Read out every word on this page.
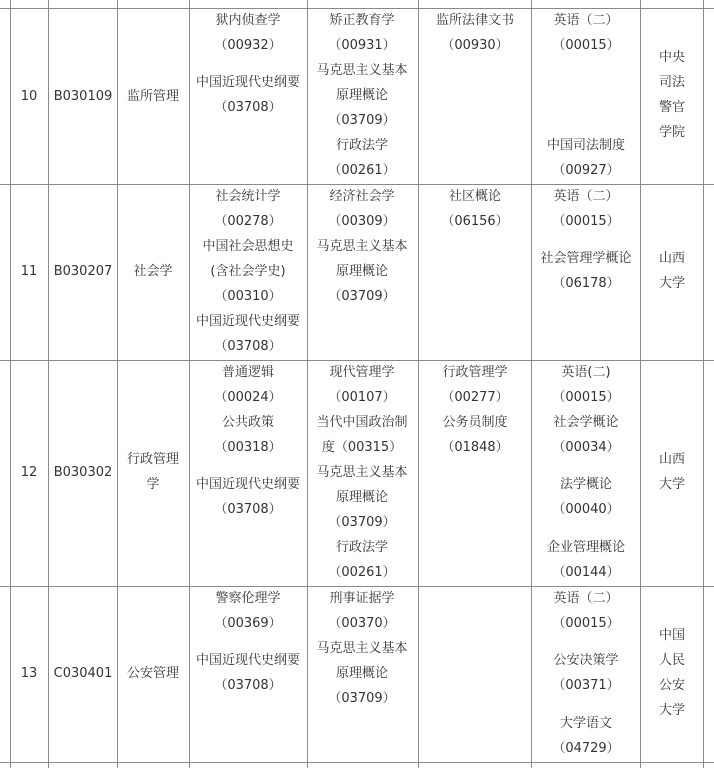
10 B030109 监所管理
狱内侦查学
（00932）
中国近现代史纲要
（03708）
矫正教育学
（00931）
马克思主义基本
原理概论
（03709）
行政法学
（00261）
监所法律文书
（00930）
英语（二）
（00015）
中国司法制度
（00927）
中央
司法
警官
学院
11 B030207 社会学
社会统计学
（00278）
中国社会思想史
(含社会学史)
（00310）
中国近现代史纲要
（03708）
经济社会学
（00309）
马克思主义基本
原理概论
（03709）
社区概论
（06156）
英语（二）
（00015）
社会管理学概论
（06178）
山西
大学
12 B030302
行政管理
学
普通逻辑
（00024）
公共政策
（00318）
中国近现代史纲要
（03708）
现代管理学
（00107）
当代中国政治制
度（00315）
马克思主义基本
原理概论
（03709）
行政法学
（00261）
行政管理学
（00277）
公务员制度
（01848）
英语(二)
（00015）
社会学概论
（00034）
法学概论
（00040）
企业管理概论
（00144）
山西
大学
13 C030401 公安管理
警察伦理学
（00369）
中国近现代史纲要
（03708）
刑事证据学
（00370）
马克思主义基本
原理概论
（03709）
英语（二）
（00015）
公安决策学
（00371）
大学语文
（04729）
中国
人民
公安
大学
